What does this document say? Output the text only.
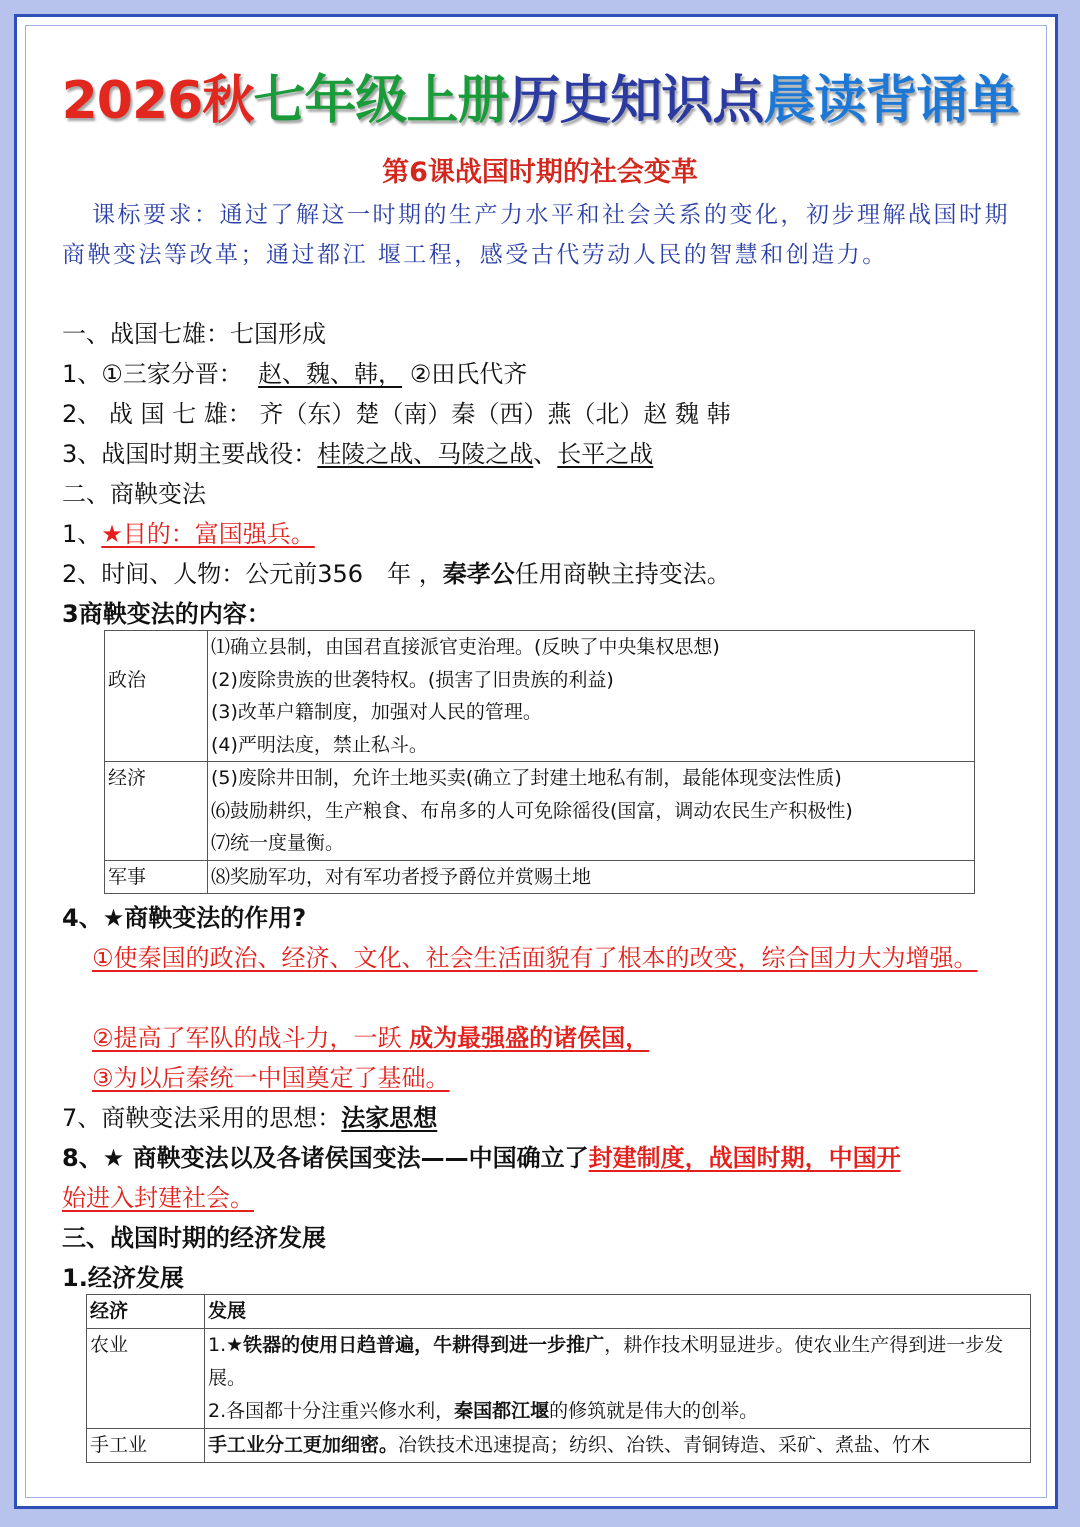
2026秋七年级上册历史知识点晨读背诵单
第6课战国时期的社会变革
课标要求：通过了解这一时期的生产力水平和社会关系的变化，初步理解战国时期商鞅变法等改革；通过都江 堰工程，感受古代劳动人民的智慧和创造力。
一、战国七雄：七国形成
1、①三家分晋： 赵、魏、韩， ②田氏代齐
2、 战 国 七 雄： 齐（东）楚（南）秦（西）燕（北）赵 魏 韩
3、战国时期主要战役：桂陵之战、马陵之战、长平之战
二、商鞅变法
1、★目的：富国强兵。
2、时间、人物：公元前356　年 ，秦孝公任用商鞅主持变法。
3商鞅变法的内容：
政治	⑴确立县制，由国君直接派官吏治理。(反映了中央集权思想)
(2)废除贵族的世袭特权。(损害了旧贵族的利益)
(3)改革户籍制度，加强对人民的管理。
(4)严明法度，禁止私斗。

经济	(5)废除井田制，允许土地买卖(确立了封建土地私有制，最能体现变法性质)
⑹鼓励耕织，生产粮食、布帛多的人可免除徭役(国富，调动农民生产积极性)
⑺统一度量衡。

军事	⑻奖励军功，对有军功者授予爵位并赏赐土地
4、★商鞅变法的作用?
①使秦国的政治、经济、文化、社会生活面貌有了根本的改变，综合国力大为增强。
②提高了军队的战斗力，一跃 成为最强盛的诸侯国，
③为以后秦统一中国奠定了基础。
7、商鞅变法采用的思想：法家思想
8、★ 商鞅变法以及各诸侯国变法——中国确立了封建制度，战国时期，中国开
始进入封建社会。
三、战国时期的经济发展
1.经济发展
经济	发展
农业	1.★铁器的使用日趋普遍，牛耕得到进一步推广，耕作技术明显进步。使农业生产得到进一步发展。
2.各国都十分注重兴修水利，秦国都江堰的修筑就是伟大的创举。

手工业	手工业分工更加细密。冶铁技术迅速提高；纺织、冶铁、青铜铸造、采矿、煮盐、竹木
